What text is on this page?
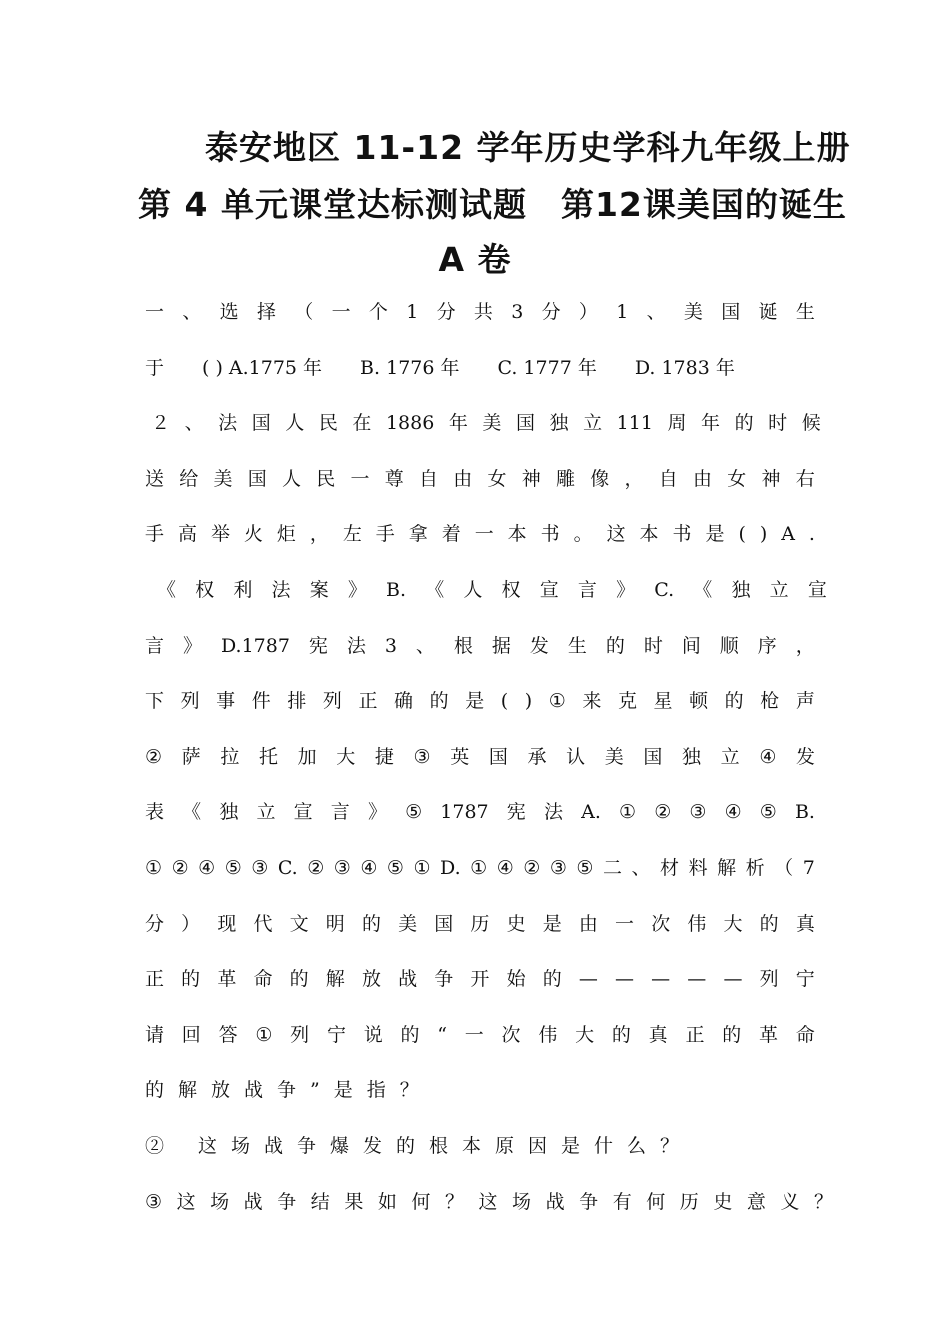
泰安地区 11-12 学年历史学科九年级上册
第 4 单元课堂达标测试题　第12课美国的诞生
A 卷
一 、 选 择 （ 一 个 1 分 共 3 分 ） 1 、 美 国 诞 生
于　　( ) A.1775 年　　B. 1776 年　　C. 1777 年　　D. 1783 年
２ 、 法 国 人 民 在 1886 年 美 国 独 立 111 周 年 的 时 候
送 给 美 国 人 民 一 尊 自 由 女 神 雕 像 ， 自 由 女 神 右
手 高 举 火 炬 ， 左 手 拿 着 一 本 书 。 这 本 书 是 ( ) A .
《 权 利 法 案 》 B. 《 人 权 宣 言 》 C. 《 独 立 宣
言 》 D.1787 宪 法 3 、 根 据 发 生 的 时 间 顺 序 ，
下 列 事 件 排 列 正 确 的 是 ( ) ① 来 克 星 顿 的 枪 声
② 萨 拉 托 加 大 捷 ③ 英 国 承 认 美 国 独 立 ④ 发
表 《 独 立 宣 言 》 ⑤ 1787 宪 法 A. ① ② ③ ④ ⑤ B.
① ② ④ ⑤ ③ C. ② ③ ④ ⑤ ① D. ① ④ ② ③ ⑤ 二 、 材 料 解 析 （ 7
分 ） 现 代 文 明 的 美 国 历 史 是 由 一 次 伟 大 的 真
正 的 革 命 的 解 放 战 争 开 始 的 — — — — — 列 宁
请 回 答 ① 列 宁 说 的 “ 一 次 伟 大 的 真 正 的 革 命
的解放战争”是指？
② 这场战争爆发的根本原因是什么？
③ 这 场 战 争 结 果 如 何 ？ 这 场 战 争 有 何 历 史 意 义 ？
